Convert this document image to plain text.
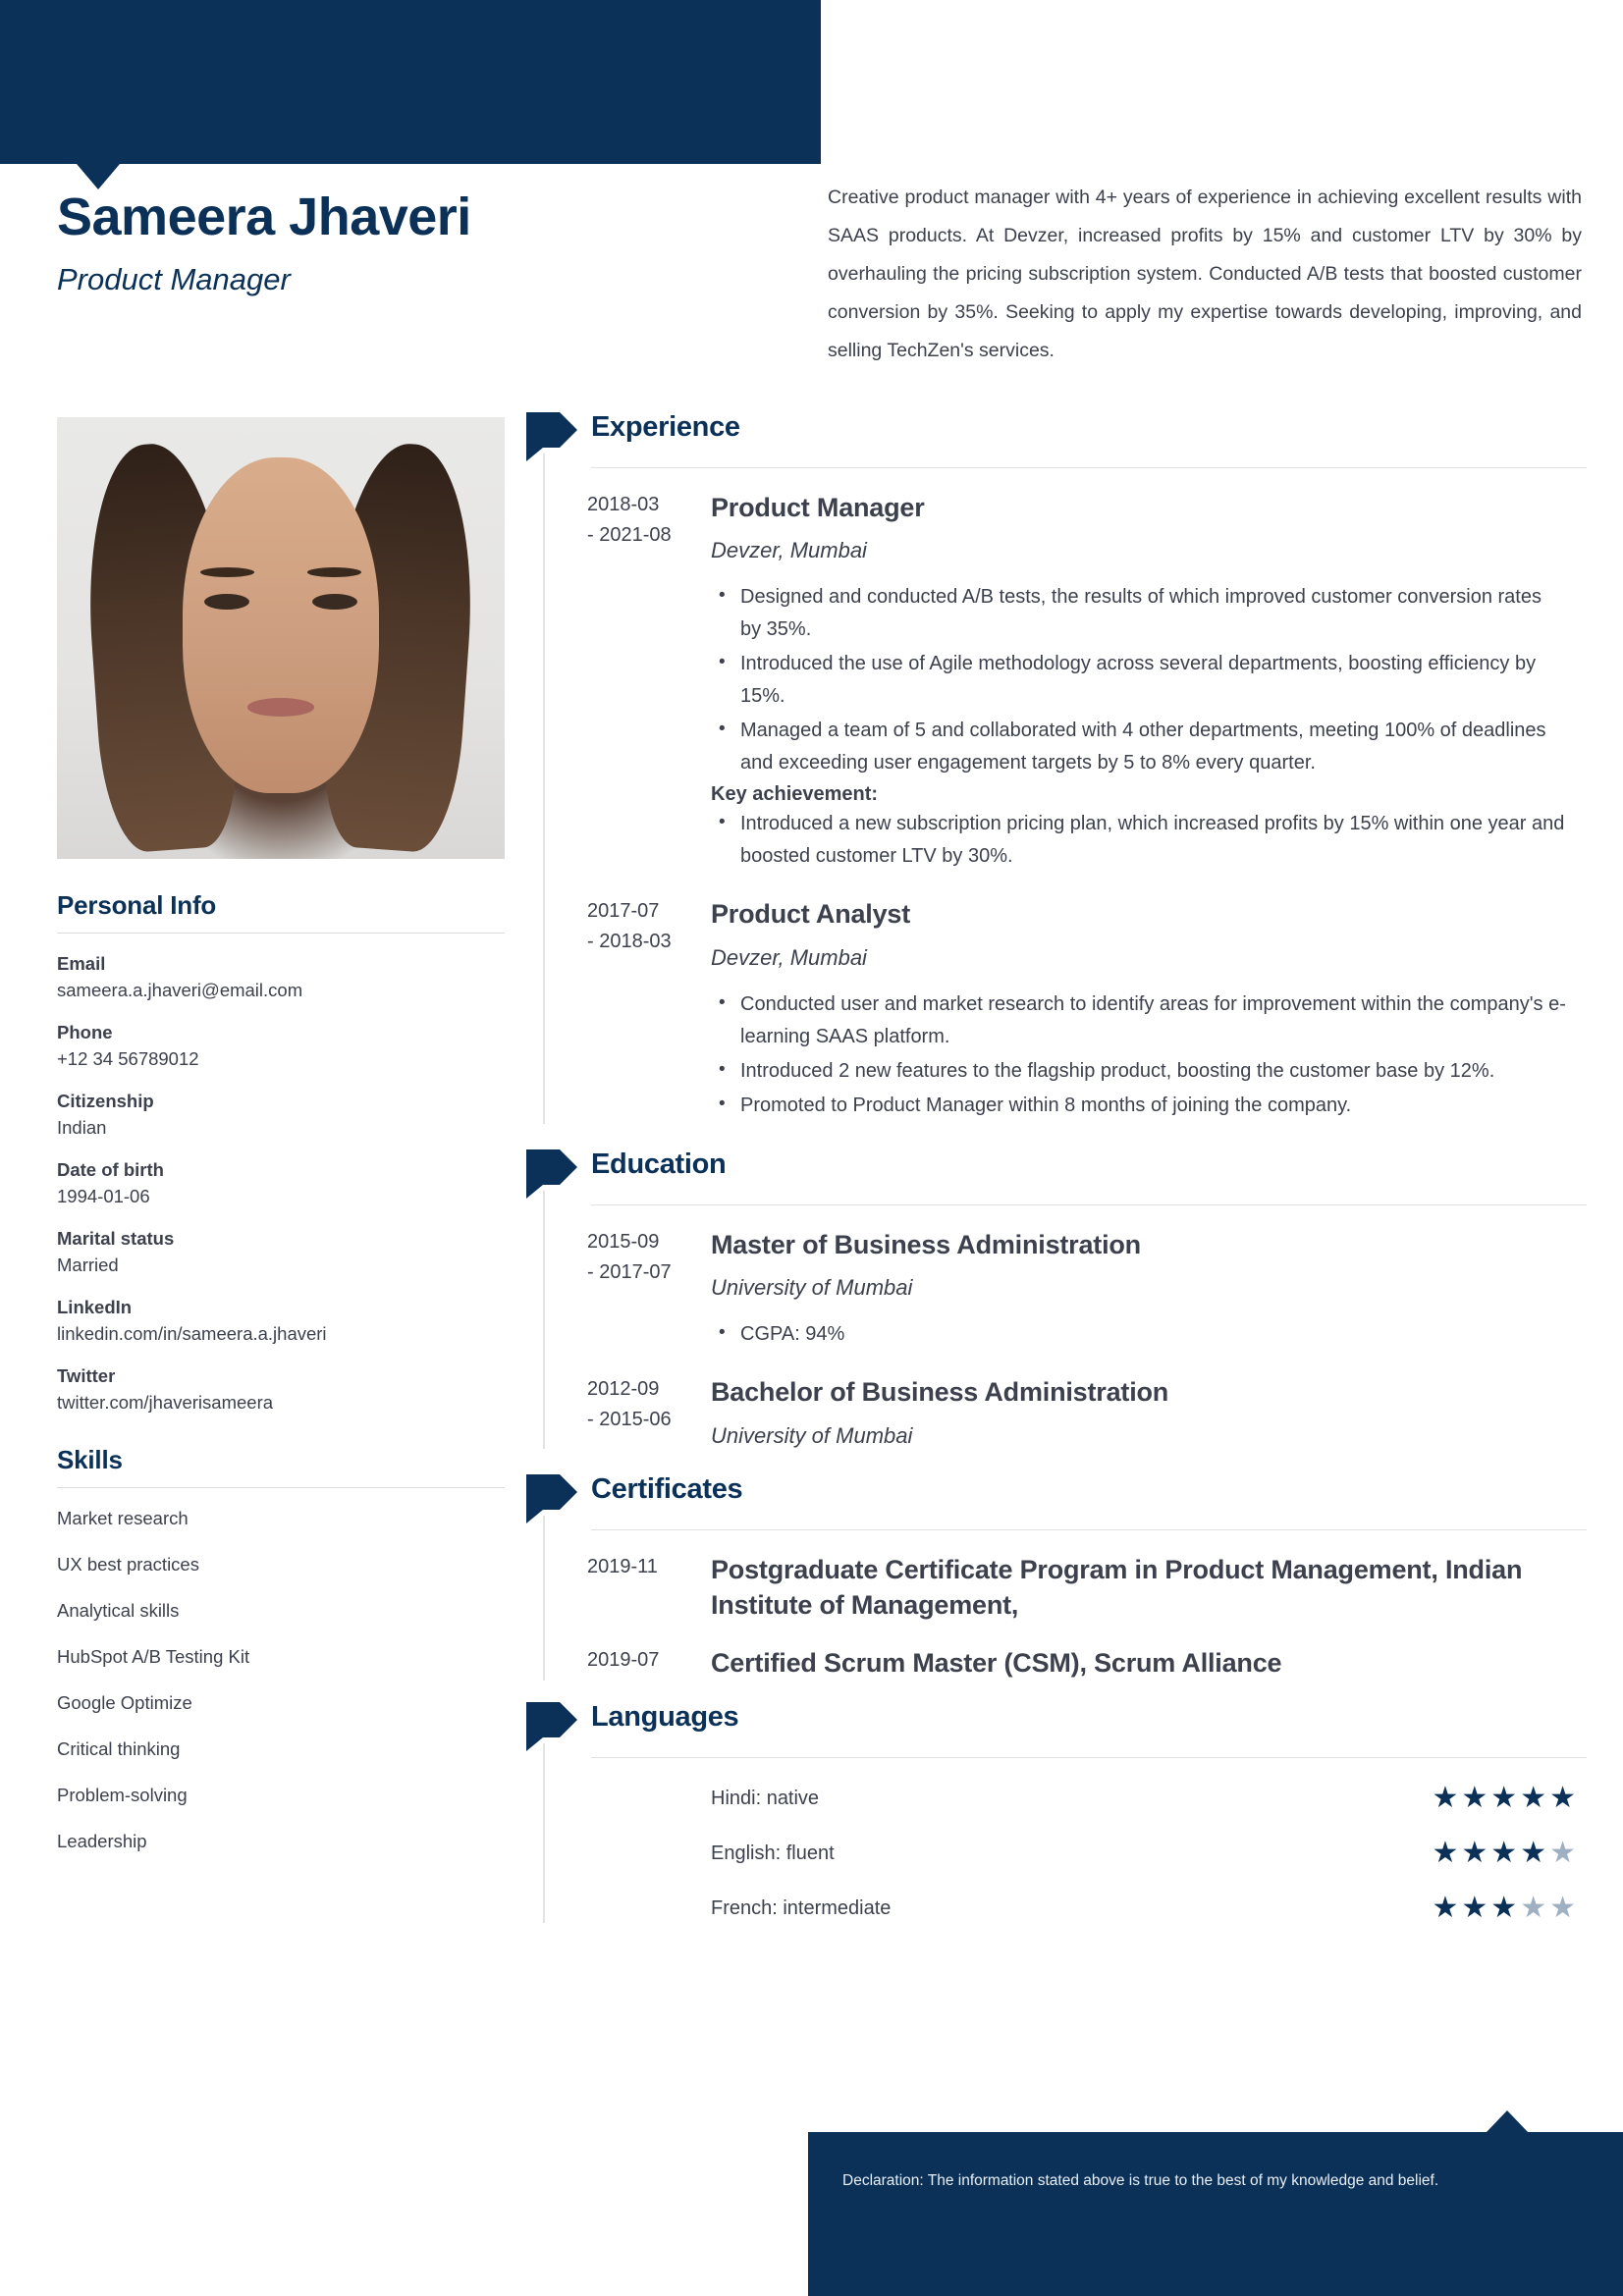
Sameera Jhaveri
Product Manager
Creative product manager with 4+ years of experience in achieving excellent results with SAAS products. At Devzer, increased profits by 15% and customer LTV by 30% by overhauling the pricing subscription system. Conducted A/B tests that boosted customer conversion by 35%. Seeking to apply my expertise towards developing, improving, and selling TechZen's services.
Personal Info
Email
sameera.a.jhaveri@email.com
Phone
+12 34 56789012
Citizenship
Indian
Date of birth
1994-01-06
Marital status
Married
LinkedIn
linkedin.com/in/sameera.a.jhaveri
Twitter
twitter.com/jhaverisameera
Skills
Market research
UX best practices
Analytical skills
HubSpot A/B Testing Kit
Google Optimize
Critical thinking
Problem-solving
Leadership
Experience
2018-03
- 2021-08
Product Manager
Devzer, Mumbai
• Designed and conducted A/B tests, the results of which improved customer conversion rates by 35%.
• Introduced the use of Agile methodology across several departments, boosting efficiency by 15%.
• Managed a team of 5 and collaborated with 4 other departments, meeting 100% of deadlines and exceeding user engagement targets by 5 to 8% every quarter.
Key achievement:
• Introduced a new subscription pricing plan, which increased profits by 15% within one year and boosted customer LTV by 30%.
2017-07
- 2018-03
Product Analyst
Devzer, Mumbai
• Conducted user and market research to identify areas for improvement within the company's e-learning SAAS platform.
• Introduced 2 new features to the flagship product, boosting the customer base by 12%.
• Promoted to Product Manager within 8 months of joining the company.
Education
2015-09
- 2017-07
Master of Business Administration
University of Mumbai
• CGPA: 94%
2012-09
- 2015-06
Bachelor of Business Administration
University of Mumbai
Certificates
2019-11	Postgraduate Certificate Program in Product Management, Indian Institute of Management,
2019-07	Certified Scrum Master (CSM), Scrum Alliance
Languages
Hindi: native	★★★★★
English: fluent	★★★★★
French: intermediate	★★★★★
Declaration: The information stated above is true to the best of my knowledge and belief.
